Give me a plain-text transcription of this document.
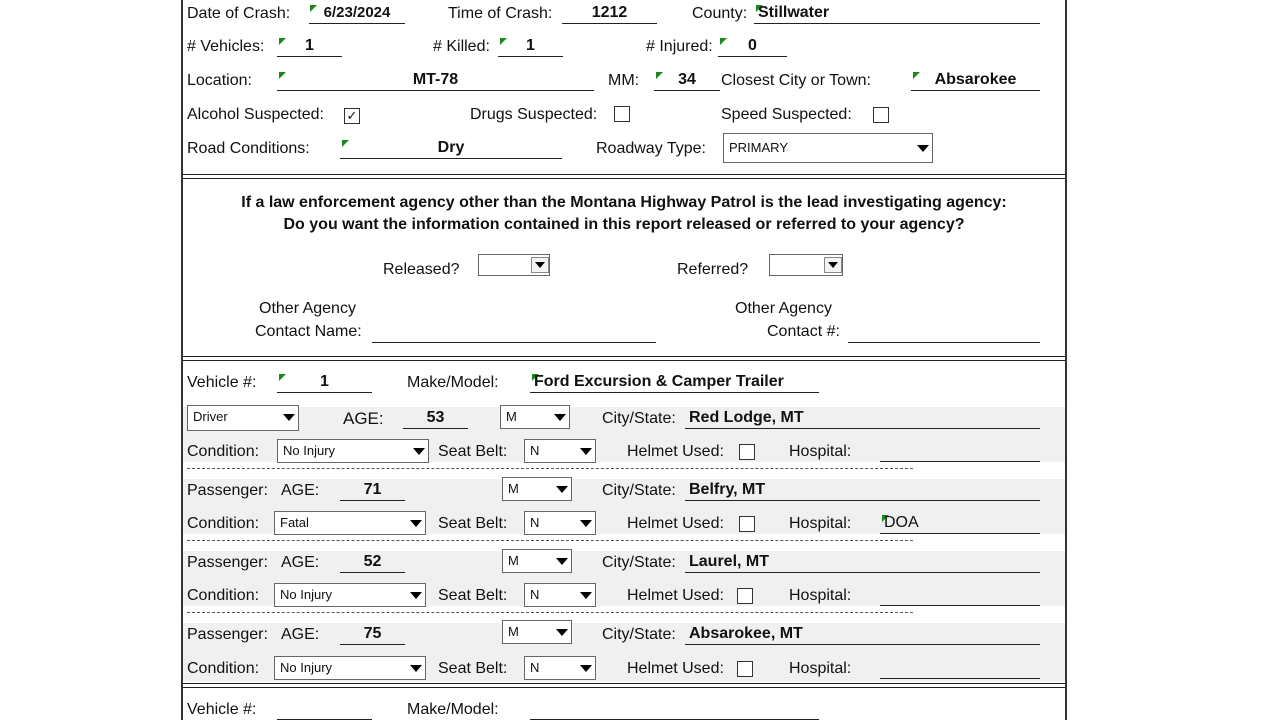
Date of Crash:	6/23/2024	Time of Crash:	1212	County: Stillwater
# Vehicles:	1	# Killed:	1	# Injured:	0
Location:	MT-78	MM:	34	Closest City or Town:	Absarokee
Alcohol Suspected: ✓	Drugs Suspected:	Speed Suspected:
Road Conditions:	Dry	Roadway Type:	PRIMARY
If a law enforcement agency other than the Montana Highway Patrol is the lead investigating agency:
Do you want the information contained in this report released or referred to your agency?
Released?	Referred?
Other Agency
Contact Name:
Other Agency
Contact #:
Vehicle #:	1	Make/Model: Ford Excursion & Camper Trailer
Driver	AGE:	53	M	City/State: Red Lodge, MT
Condition:	No Injury	Seat Belt:	N	Helmet Used:	Hospital:
Passenger: AGE:	71	M	City/State: Belfry, MT
Condition:	Fatal	Seat Belt:	N	Helmet Used:	Hospital: DOA
Passenger: AGE:	52	M	City/State: Laurel, MT
Condition:	No Injury	Seat Belt:	N	Helmet Used:	Hospital:
Passenger: AGE:	75	M	City/State: Absarokee, MT
Condition:	No Injury	Seat Belt:	N	Helmet Used:	Hospital:
Vehicle #:	Make/Model:
